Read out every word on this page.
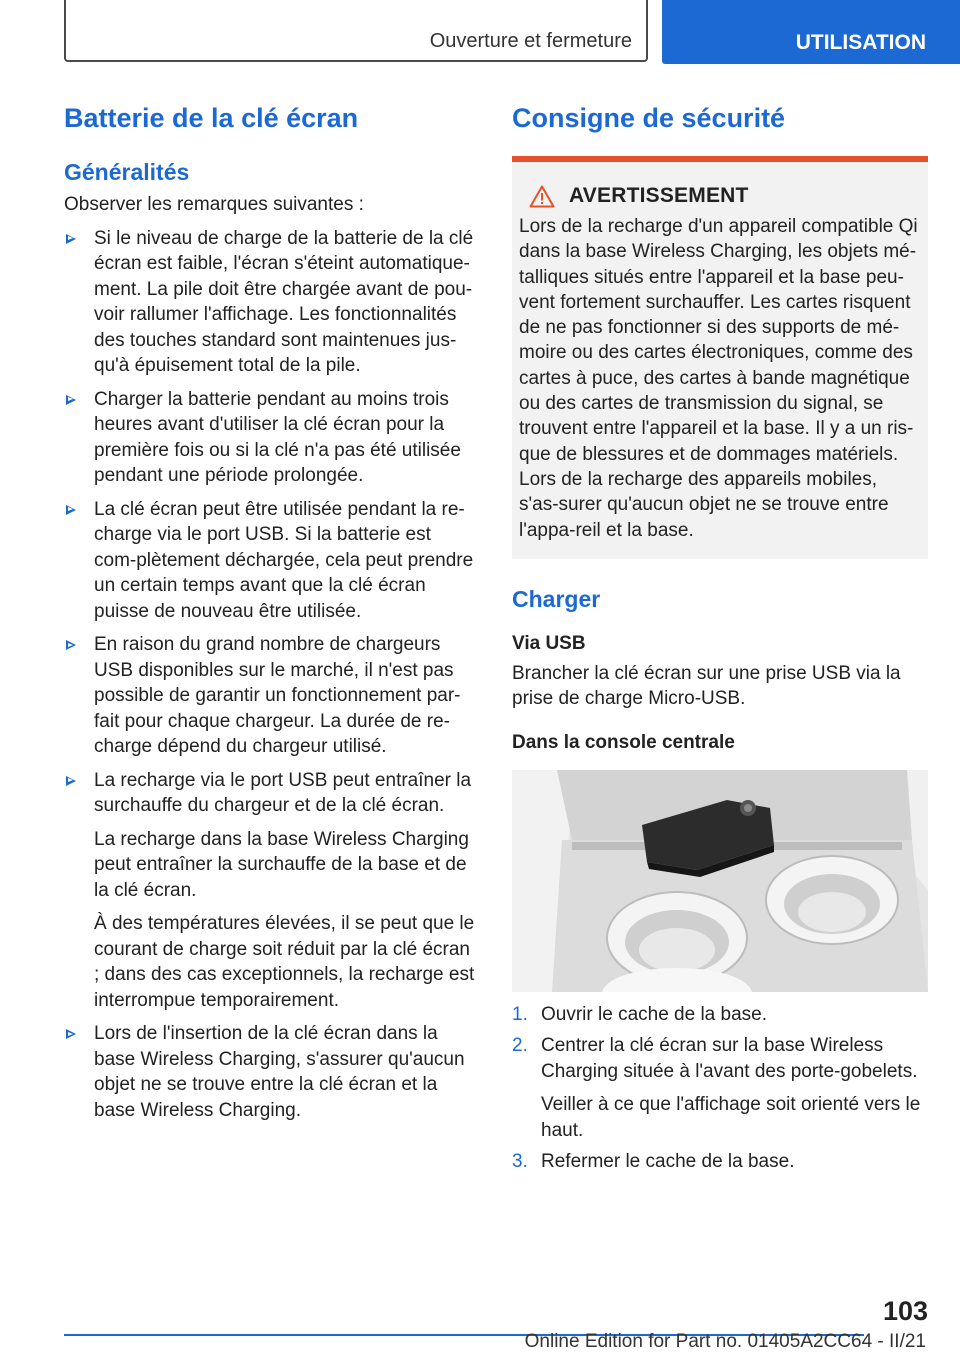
Ouverture et fermeture	UTILISATION
Batterie de la clé écran
Généralités

Observer les remarques suivantes :

Si le niveau de charge de la batterie de la clé écran est faible, l'écran s'éteint automatique-ment. La pile doit être chargée avant de pou-voir rallumer l'affichage. Les fonctionnalités des touches standard sont maintenues jus-qu'à épuisement total de la pile.
Charger la batterie pendant au moins trois heures avant d'utiliser la clé écran pour la première fois ou si la clé n'a pas été utilisée pendant une période prolongée.
La clé écran peut être utilisée pendant la re-charge via le port USB. Si la batterie est com-plètement déchargée, cela peut prendre un certain temps avant que la clé écran puisse de nouveau être utilisée.
En raison du grand nombre de chargeurs USB disponibles sur le marché, il n'est pas possible de garantir un fonctionnement par-fait pour chaque chargeur. La durée de re-charge dépend du chargeur utilisé.
La recharge via le port USB peut entraîner la surchauffe du chargeur et de la clé écran.

La recharge dans la base Wireless Charging peut entraîner la surchauffe de la base et de la clé écran.

À des températures élevées, il se peut que le courant de charge soit réduit par la clé écran ; dans des cas exceptionnels, la recharge est interrompue temporairement.

Lors de l'insertion de la clé écran dans la base Wireless Charging, s'assurer qu'aucun objet ne se trouve entre la clé écran et la base Wireless Charging.
Consigne de sécurité
AVERTISSEMENT
Lors de la recharge d'un appareil compatible Qi dans la base Wireless Charging, les objets mé-talliques situés entre l'appareil et la base peu-vent fortement surchauffer. Les cartes risquent de ne pas fonctionner si des supports de mé-moire ou des cartes électroniques, comme des cartes à puce, des cartes à bande magnétique ou des cartes de transmission du signal, se trouvent entre l'appareil et la base. Il y a un ris-que de blessures et de dommages matériels. Lors de la recharge des appareils mobiles, s'as-surer qu'aucun objet ne se trouve entre l'appa-reil et la base.
Charger
Via USB

Brancher la clé écran sur une prise USB via la prise de charge Micro-USB.

Dans la console centrale
1. Ouvrir le cache de la base.
2. Centrer la clé écran sur la base Wireless Charging située à l'avant des porte-gobelets.

Veiller à ce que l'affichage soit orienté vers le haut.

3. Refermer le cache de la base.
103
Online Edition for Part no. 01405A2CC64 - II/21
